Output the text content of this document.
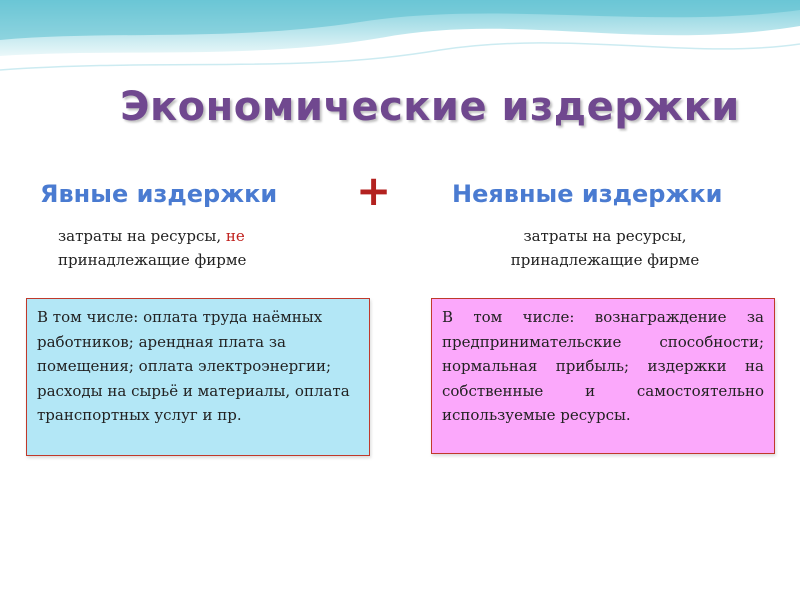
Экономические издержки
Явные издержки +	Неявные издержки
затраты на ресурсы, не
принадлежащие фирме
затраты на ресурсы,
принадлежащие фирме
В том числе: оплата труда наёмных работников; арендная плата за помещения; оплата электроэнергии; расходы на сырьё и материалы, оплата транспортных услуг и пр.
В том числе: вознаграждение за предпринимательские способности; нормальная прибыль; издержки на собственные и самостоятельно используемые ресурсы.
